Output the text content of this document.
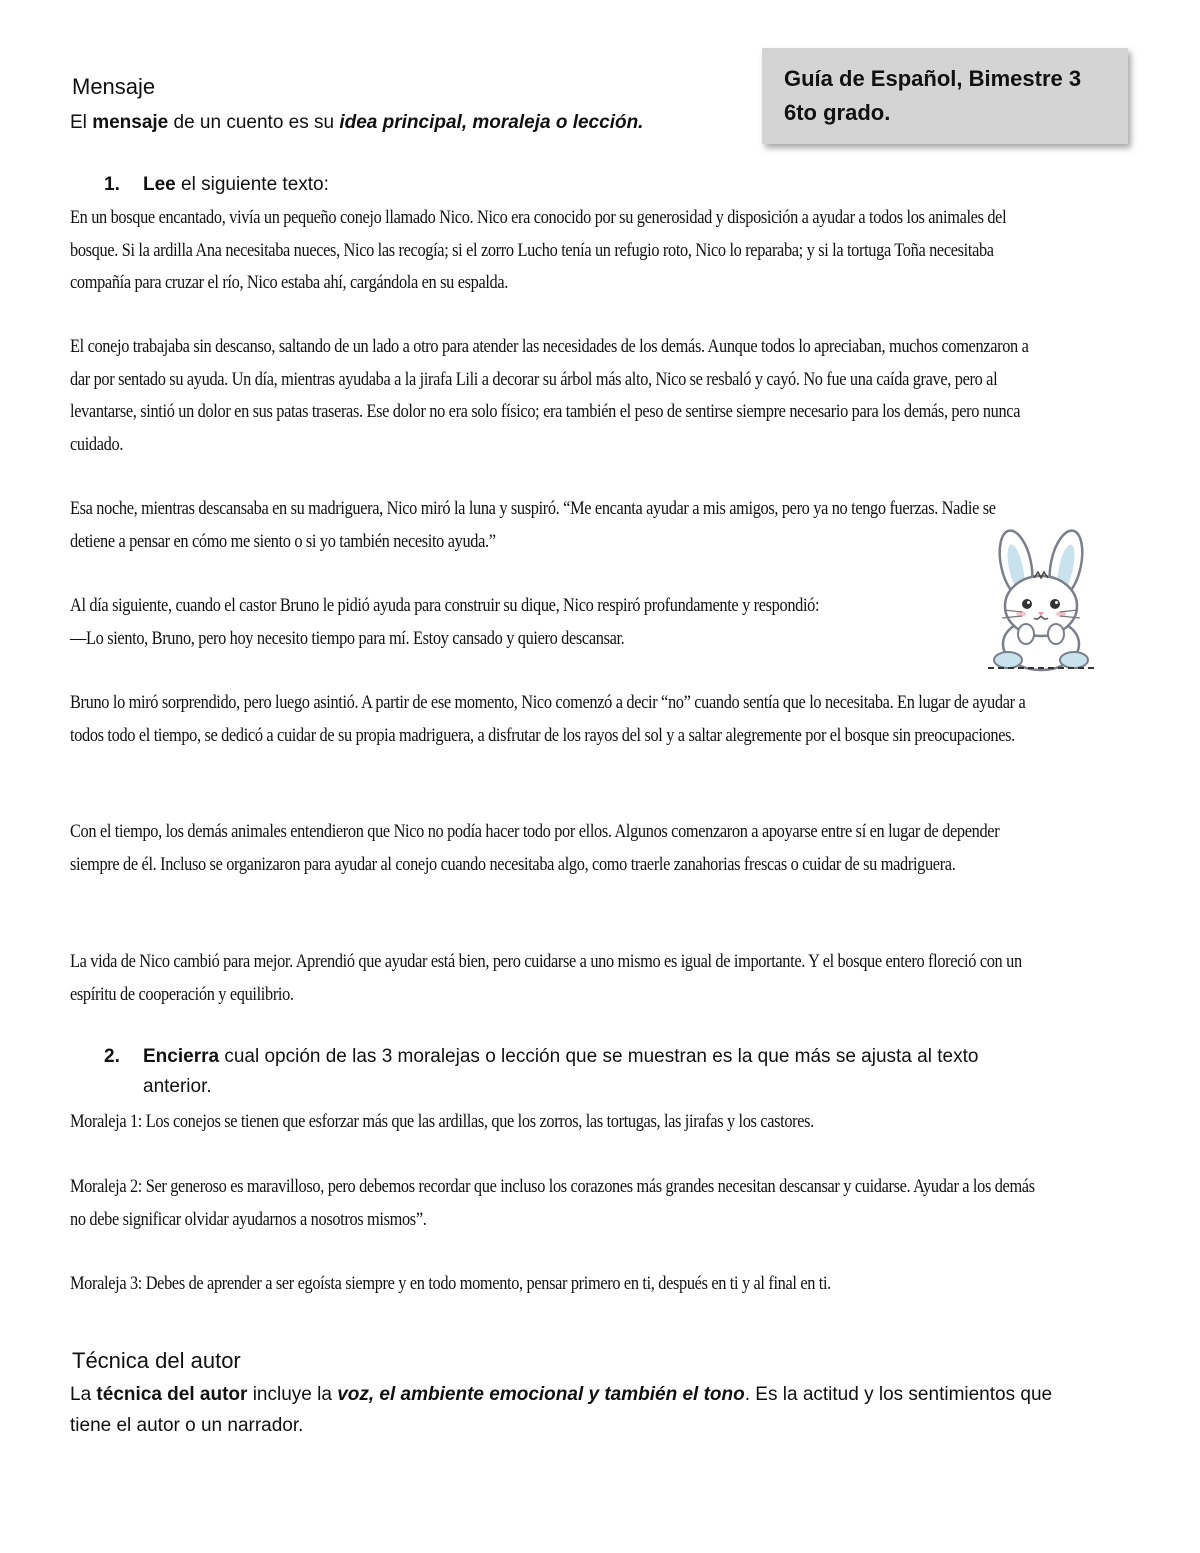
Guía de Español, Bimestre 3
6to grado.
Mensaje
El mensaje de un cuento es su idea principal, moraleja o lección.
1. Lee el siguiente texto:

En un bosque encantado, vivía un pequeño conejo llamado Nico. Nico era conocido por su generosidad y disposición a ayudar a todos los animales del bosque. Si la ardilla Ana necesitaba nueces, Nico las recogía; si el zorro Lucho tenía un refugio roto, Nico lo reparaba; y si la tortuga Toña necesitaba compañía para cruzar el río, Nico estaba ahí, cargándola en su espalda.

El conejo trabajaba sin descanso, saltando de un lado a otro para atender las necesidades de los demás. Aunque todos lo apreciaban, muchos comenzaron a dar por sentado su ayuda. Un día, mientras ayudaba a la jirafa Lili a decorar su árbol más alto, Nico se resbaló y cayó. No fue una caída grave, pero al levantarse, sintió un dolor en sus patas traseras. Ese dolor no era solo físico; era también el peso de sentirse siempre necesario para los demás, pero nunca cuidado.

Esa noche, mientras descansaba en su madriguera, Nico miró la luna y suspiró. “Me encanta ayudar a mis amigos, pero ya no tengo fuerzas. Nadie se detiene a pensar en cómo me siento o si yo también necesito ayuda.”

Al día siguiente, cuando el castor Bruno le pidió ayuda para construir su dique, Nico respiró profundamente y respondió:

—Lo siento, Bruno, pero hoy necesito tiempo para mí. Estoy cansado y quiero descansar.

Bruno lo miró sorprendido, pero luego asintió. A partir de ese momento, Nico comenzó a decir “no” cuando sentía que lo necesitaba. En lugar de ayudar a todos todo el tiempo, se dedicó a cuidar de su propia madriguera, a disfrutar de los rayos del sol y a saltar alegremente por el bosque sin preocupaciones.

Con el tiempo, los demás animales entendieron que Nico no podía hacer todo por ellos. Algunos comenzaron a apoyarse entre sí en lugar de depender siempre de él. Incluso se organizaron para ayudar al conejo cuando necesitaba algo, como traerle zanahorias frescas o cuidar de su madriguera.

La vida de Nico cambió para mejor. Aprendió que ayudar está bien, pero cuidarse a uno mismo es igual de importante. Y el bosque entero floreció con un espíritu de cooperación y equilibrio.

2. Encierra cual opción de las 3 moralejas o lección que se muestran es la que más se ajusta al texto
anterior.

Moraleja 1: Los conejos se tienen que esforzar más que las ardillas, que los zorros, las tortugas, las jirafas y los castores.

Moraleja 2: Ser generoso es maravilloso, pero debemos recordar que incluso los corazones más grandes necesitan descansar y cuidarse. Ayudar a los demás no debe significar olvidar ayudarnos a nosotros mismos”.

Moraleja 3: Debes de aprender a ser egoísta siempre y en todo momento, pensar primero en ti, después en ti y al final en ti.

Técnica del autor
La técnica del autor incluye la voz, el ambiente emocional y también el tono. Es la actitud y los sentimientos que
tiene el autor o un narrador.
